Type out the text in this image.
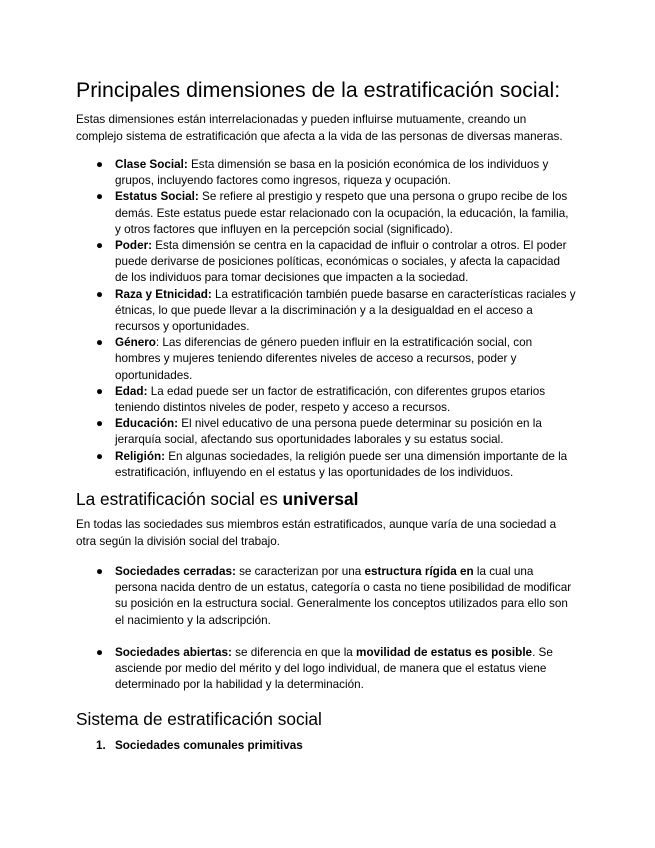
Principales dimensiones de la estratificación social:

Estas dimensiones están interrelacionadas y pueden influirse mutuamente, creando un complejo sistema de estratificación que afecta a la vida de las personas de diversas maneras.

● Clase Social: Esta dimensión se basa en la posición económica de los individuos y grupos, incluyendo factores como ingresos, riqueza y ocupación.
● Estatus Social: Se refiere al prestigio y respeto que una persona o grupo recibe de los demás. Este estatus puede estar relacionado con la ocupación, la educación, la familia, y otros factores que influyen en la percepción social (significado).
● Poder: Esta dimensión se centra en la capacidad de influir o controlar a otros. El poder puede derivarse de posiciones políticas, económicas o sociales, y afecta la capacidad de los individuos para tomar decisiones que impacten a la sociedad.
● Raza y Etnicidad: La estratificación también puede basarse en características raciales y étnicas, lo que puede llevar a la discriminación y a la desigualdad en el acceso a recursos y oportunidades.
● Género: Las diferencias de género pueden influir en la estratificación social, con hombres y mujeres teniendo diferentes niveles de acceso a recursos, poder y oportunidades.
● Edad: La edad puede ser un factor de estratificación, con diferentes grupos etarios teniendo distintos niveles de poder, respeto y acceso a recursos.
● Educación: El nivel educativo de una persona puede determinar su posición en la jerarquía social, afectando sus oportunidades laborales y su estatus social.
● Religión: En algunas sociedades, la religión puede ser una dimensión importante de la estratificación, influyendo en el estatus y las oportunidades de los individuos.
La estratificación social es universal

En todas las sociedades sus miembros están estratificados, aunque varía de una sociedad a otra según la división social del trabajo.

● Sociedades cerradas: se caracterizan por una estructura rígida en la cual una persona nacida dentro de un estatus, categoría o casta no tiene posibilidad de modificar su posición en la estructura social. Generalmente los conceptos utilizados para ello son el nacimiento y la adscripción.
● Sociedades abiertas: se diferencia en que la movilidad de estatus es posible. Se asciende por medio del mérito y del logo individual, de manera que el estatus viene determinado por la habilidad y la determinación.
Sistema de estratificación social
1. Sociedades comunales primitivas
